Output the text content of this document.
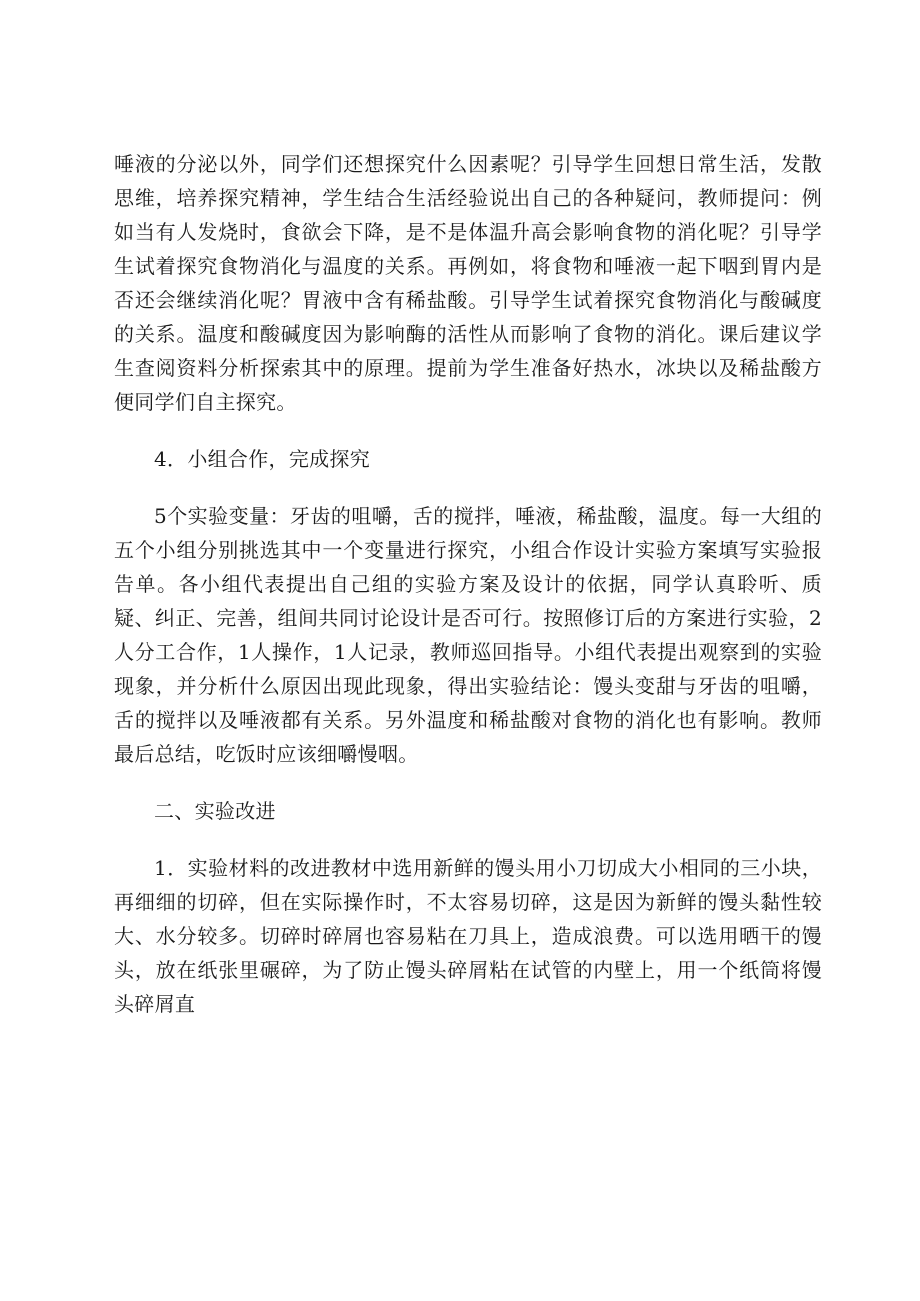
唾液的分泌以外，同学们还想探究什么因素呢？引导学生回想日常生活，发散思维，培养探究精神，学生结合生活经验说出自己的各种疑问，教师提问：例如当有人发烧时，食欲会下降，是不是体温升高会影响食物的消化呢？引导学生试着探究食物消化与温度的关系。再例如，将食物和唾液一起下咽到胃内是否还会继续消化呢？胃液中含有稀盐酸。引导学生试着探究食物消化与酸碱度的关系。温度和酸碱度因为影响酶的活性从而影响了食物的消化。课后建议学生查阅资料分析探索其中的原理。提前为学生准备好热水，冰块以及稀盐酸方便同学们自主探究。

4．小组合作，完成探究

5个实验变量：牙齿的咀嚼，舌的搅拌，唾液，稀盐酸，温度。每一大组的五个小组分别挑选其中一个变量进行探究，小组合作设计实验方案填写实验报告单。各小组代表提出自己组的实验方案及设计的依据，同学认真聆听、质疑、纠正、完善，组间共同讨论设计是否可行。按照修订后的方案进行实验，2人分工合作，1人操作，1人记录，教师巡回指导。小组代表提出观察到的实验现象，并分析什么原因出现此现象，得出实验结论：馒头变甜与牙齿的咀嚼，舌的搅拌以及唾液都有关系。另外温度和稀盐酸对食物的消化也有影响。教师最后总结，吃饭时应该细嚼慢咽。

二、实验改进

1．实验材料的改进教材中选用新鲜的馒头用小刀切成大小相同的三小块，再细细的切碎，但在实际操作时，不太容易切碎，这是因为新鲜的馒头黏性较大、水分较多。切碎时碎屑也容易粘在刀具上，造成浪费。可以选用晒干的馒头，放在纸张里碾碎，为了防止馒头碎屑粘在试管的内壁上，用一个纸筒将馒头碎屑直
